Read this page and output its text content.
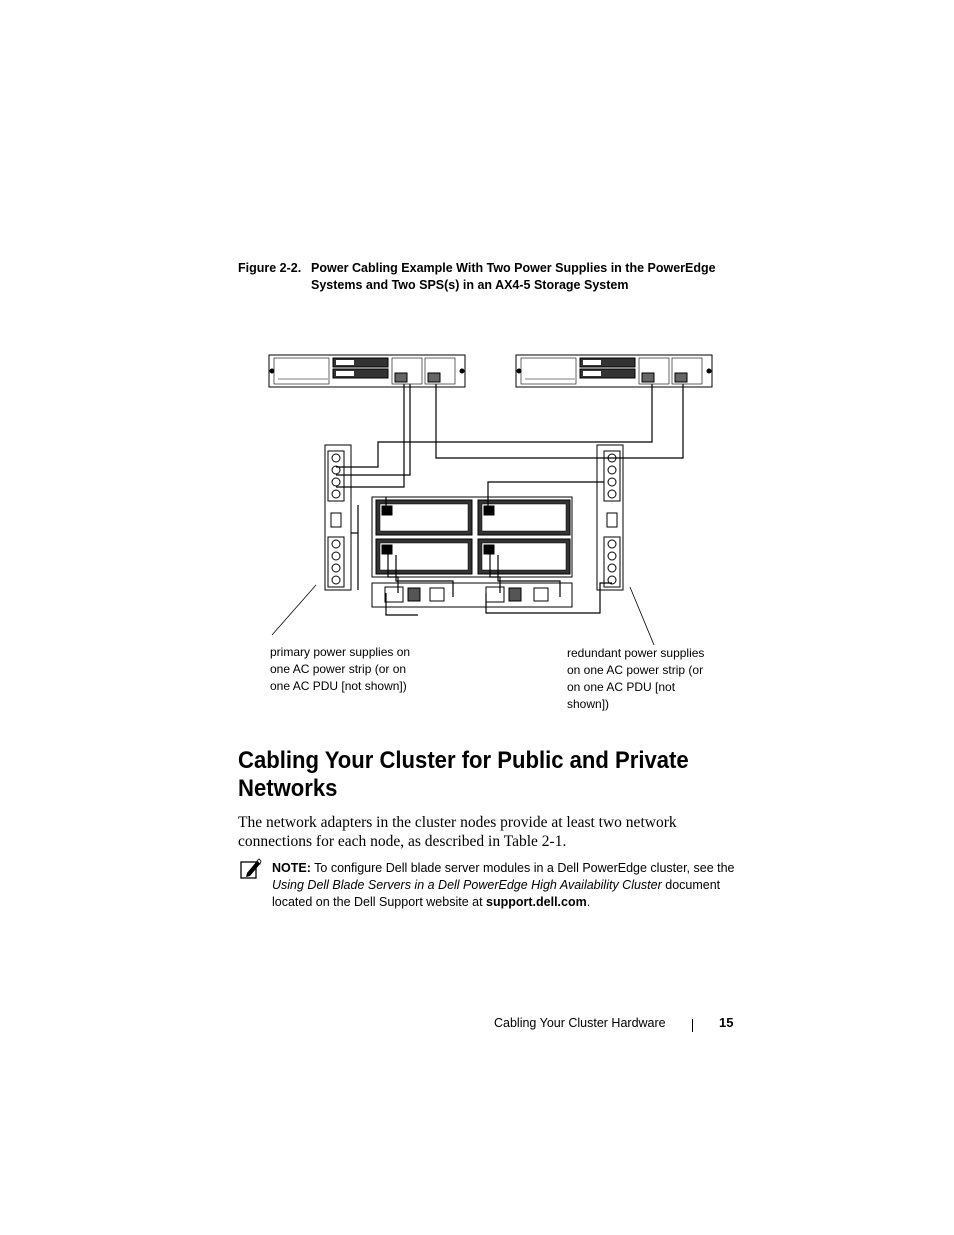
Figure 2-2. Power Cabling Example With Two Power Supplies in the PowerEdge Systems and Two SPS(s) in an AX4-5 Storage System
primary power supplies on one AC power strip (or on one AC PDU [not shown])
redundant power supplies on one AC power strip (or on one AC PDU [not shown])
Cabling Your Cluster for Public and Private Networks
The network adapters in the cluster nodes provide at least two network connections for each node, as described in Table 2-1.
NOTE: To configure Dell blade server modules in a Dell PowerEdge cluster, see the Using Dell Blade Servers in a Dell PowerEdge High Availability Cluster document located on the Dell Support website at support.dell.com.
Cabling Your Cluster Hardware	15
